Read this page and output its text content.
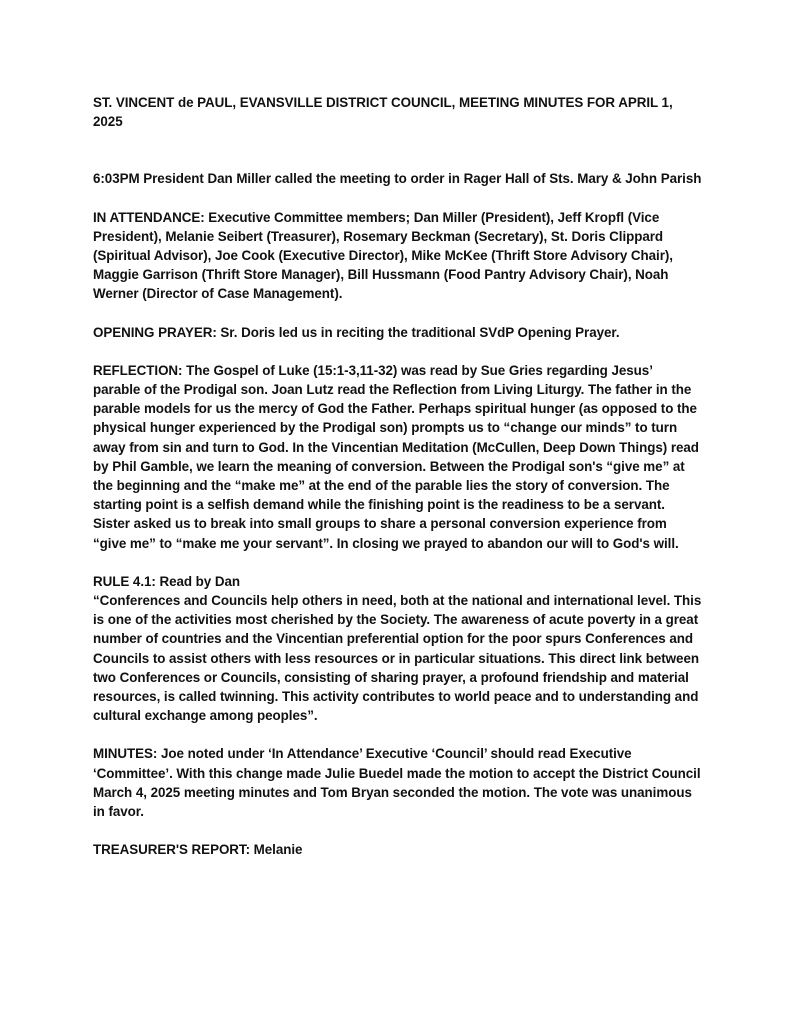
ST. VINCENT de PAUL, EVANSVILLE DISTRICT COUNCIL, MEETING MINUTES FOR APRIL 1, 2025

6:03PM President Dan Miller called the meeting to order in Rager Hall of Sts. Mary & John Parish

IN ATTENDANCE: Executive Committee members; Dan Miller (President), Jeff Kropfl (Vice President), Melanie Seibert (Treasurer), Rosemary Beckman (Secretary), St. Doris Clippard (Spiritual Advisor), Joe Cook (Executive Director), Mike McKee (Thrift Store Advisory Chair), Maggie Garrison (Thrift Store Manager), Bill Hussmann (Food Pantry Advisory Chair), Noah Werner (Director of Case Management).

OPENING PRAYER: Sr. Doris led us in reciting the traditional SVdP Opening Prayer.

REFLECTION: The Gospel of Luke (15:1-3,11-32) was read by Sue Gries regarding Jesus’ parable of the Prodigal son. Joan Lutz read the Reflection from Living Liturgy. The father in the parable models for us the mercy of God the Father. Perhaps spiritual hunger (as opposed to the physical hunger experienced by the Prodigal son) prompts us to “change our minds” to turn away from sin and turn to God. In the Vincentian Meditation (McCullen, Deep Down Things) read by Phil Gamble, we learn the meaning of conversion. Between the Prodigal son's “give me” at the beginning and the “make me” at the end of the parable lies the story of conversion. The starting point is a selfish demand while the finishing point is the readiness to be a servant.

Sister asked us to break into small groups to share a personal conversion experience from “give me” to “make me your servant”. In closing we prayed to abandon our will to God's will.

RULE 4.1: Read by Dan

“Conferences and Councils help others in need, both at the national and international level. This is one of the activities most cherished by the Society. The awareness of acute poverty in a great number of countries and the Vincentian preferential option for the poor spurs Conferences and Councils to assist others with less resources or in particular situations. This direct link between two Conferences or Councils, consisting of sharing prayer, a profound friendship and material resources, is called twinning. This activity contributes to world peace and to understanding and cultural exchange among peoples”.

MINUTES: Joe noted under ‘In Attendance’ Executive ‘Council’ should read Executive ‘Committee’. With this change made Julie Buedel made the motion to accept the District Council March 4, 2025 meeting minutes and Tom Bryan seconded the motion. The vote was unanimous in favor.

TREASURER'S REPORT: Melanie
